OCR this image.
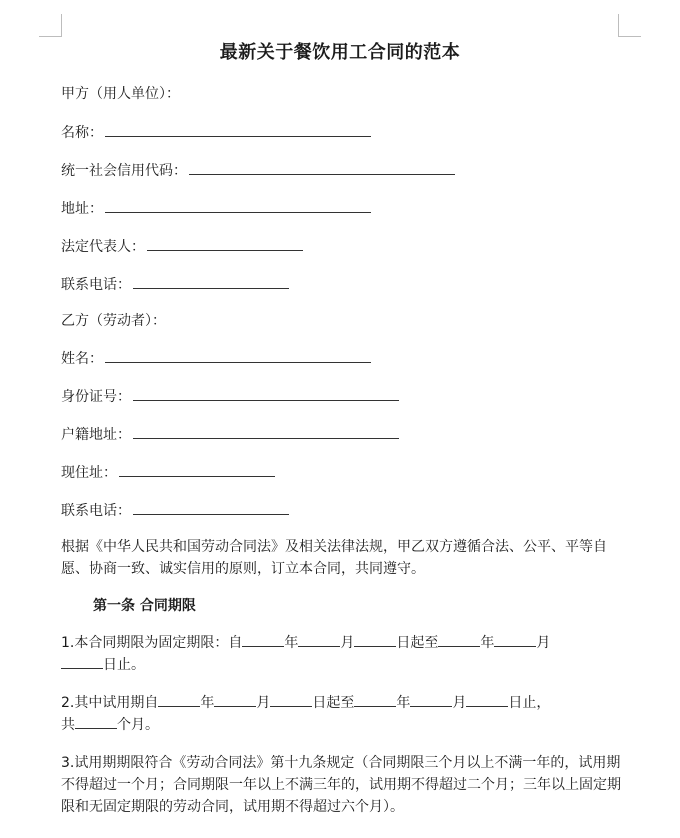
最新关于餐饮用工合同的范本
甲方（用人单位）：
名称：
统一社会信用代码：
地址：
法定代表人：
联系电话：
乙方（劳动者）：
姓名：
身份证号：
户籍地址：
现住址：
联系电话：
根据《中华人民共和国劳动合同法》及相关法律法规，甲乙双方遵循合法、公平、平等自愿、协商一致、诚实信用的原则，订立本合同，共同遵守。
第一条 合同期限
1.本合同期限为固定期限：自	年	月	日起至	年	月
日止。
2.其中试用期自	年	月	日起至	年	月	日止，
共	个月。
3.试用期期限符合《劳动合同法》第十九条规定（合同期限三个月以上不满一年的，试用期不得超过一个月；合同期限一年以上不满三年的，试用期不得超过二个月；三年以上固定期限和无固定期限的劳动合同，试用期不得超过六个月）。
